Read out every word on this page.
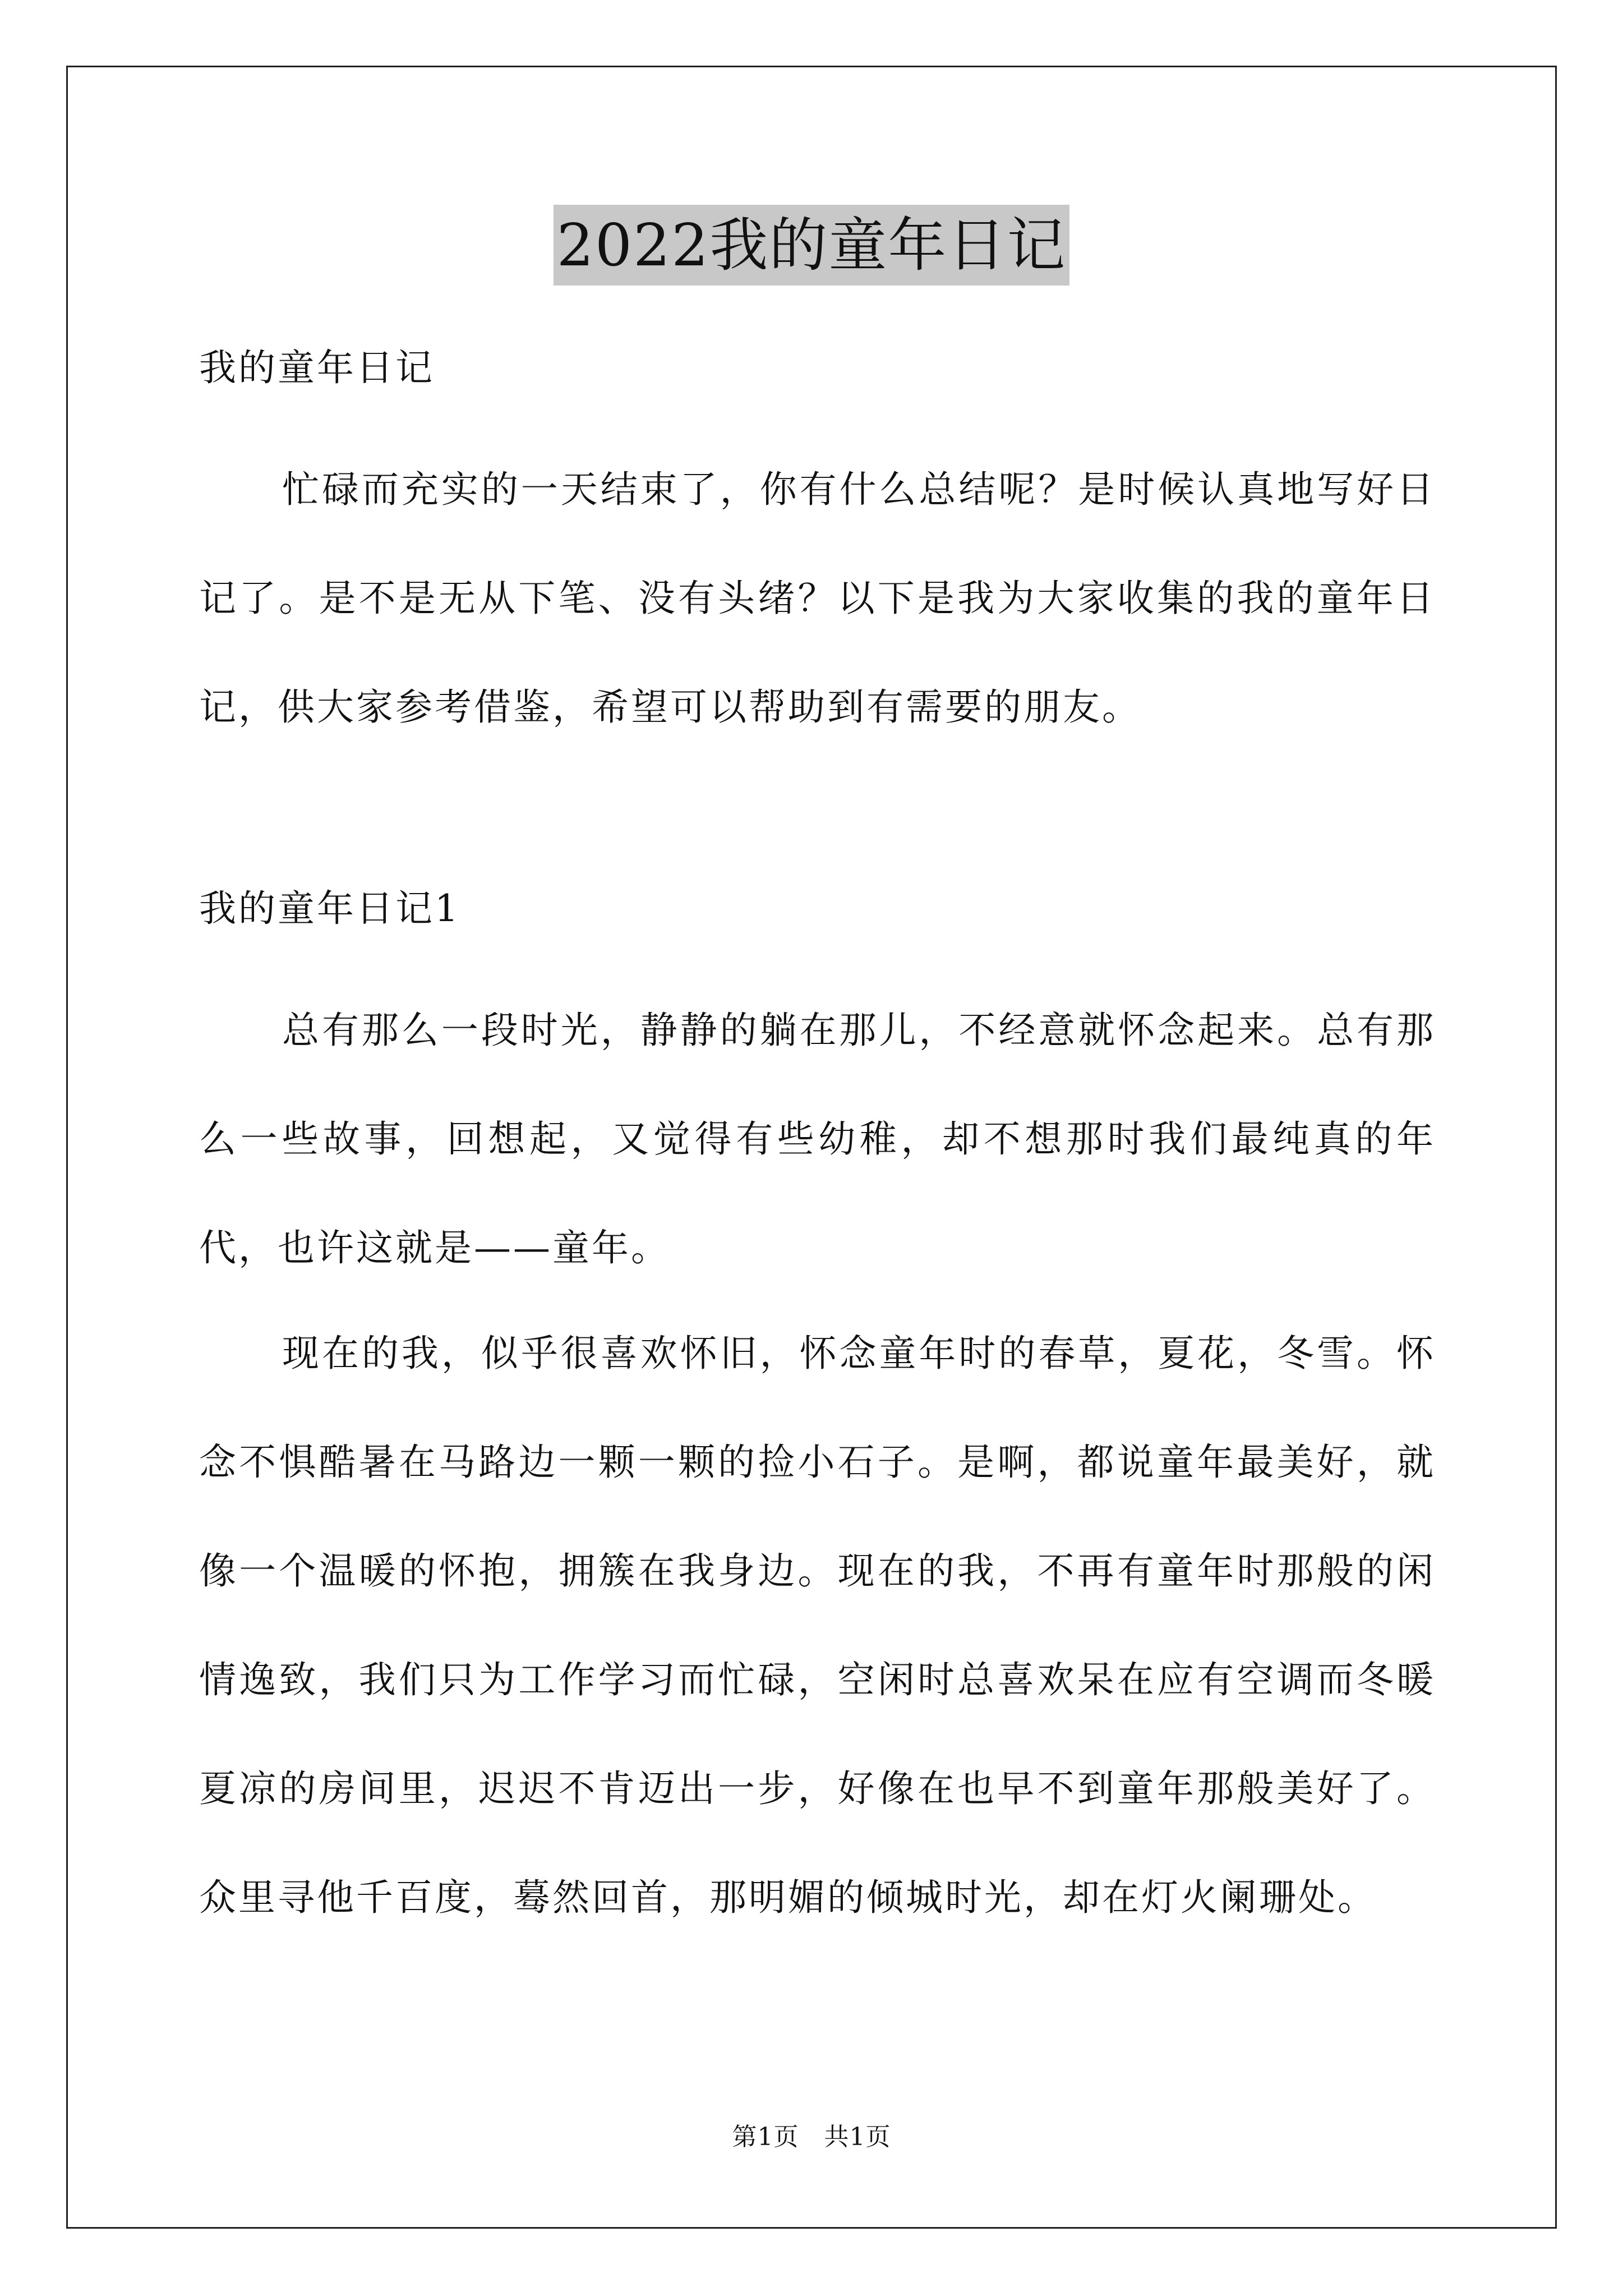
2022我的童年日记
我的童年日记

忙碌而充实的一天结束了，你有什么总结呢？是时候认真地写好日记了。是不是无从下笔、没有头绪？以下是我为大家收集的我的童年日记，供大家参考借鉴，希望可以帮助到有需要的朋友。

我的童年日记1

总有那么一段时光，静静的躺在那儿，不经意就怀念起来。总有那么一些故事，回想起，又觉得有些幼稚，却不想那时我们最纯真的年代，也许这就是——童年。

现在的我，似乎很喜欢怀旧，怀念童年时的春草，夏花，冬雪。怀念不惧酷暑在马路边一颗一颗的捡小石子。是啊，都说童年最美好，就像一个温暖的怀抱，拥簇在我身边。现在的我，不再有童年时那般的闲情逸致，我们只为工作学习而忙碌，空闲时总喜欢呆在应有空调而冬暖夏凉的房间里，迟迟不肯迈出一步，好像在也早不到童年那般美好了。众里寻他千百度，蓦然回首，那明媚的倾城时光，却在灯火阑珊处。

第1页　共1页
